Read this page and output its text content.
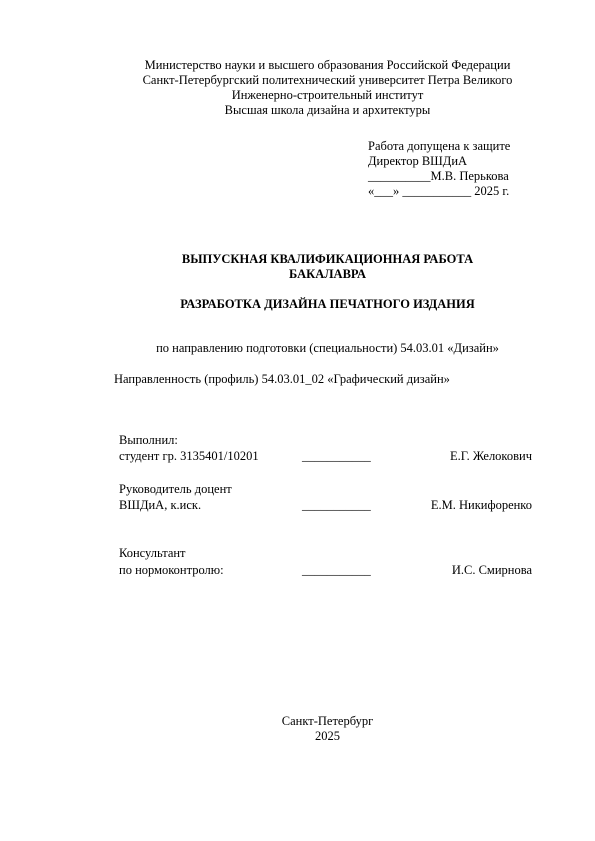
Министерство науки и высшего образования Российской Федерации
Санкт-Петербургский политехнический университет Петра Великого
Инженерно-строительный институт
Высшая школа дизайна и архитектуры
Работа допущена к защите
Директор ВШДиА
__________М.В. Перькова
«___» ___________ 2025 г.
ВЫПУСКНАЯ КВАЛИФИКАЦИОННАЯ РАБОТА
БАКАЛАВРА
РАЗРАБОТКА ДИЗАЙНА ПЕЧАТНОГО ИЗДАНИЯ
по направлению подготовки (специальности) 54.03.01 «Дизайн»
Направленность (профиль) 54.03.01_02 «Графический дизайн»
Выполнил:
студент гр. 3135401/10201	___________	Е.Г. Желокович
Руководитель доцент
ВШДиА, к.иск.	___________	Е.М. Никифоренко
Консультант
по нормоконтролю:	___________	И.С. Смирнова
Санкт-Петербург
2025
